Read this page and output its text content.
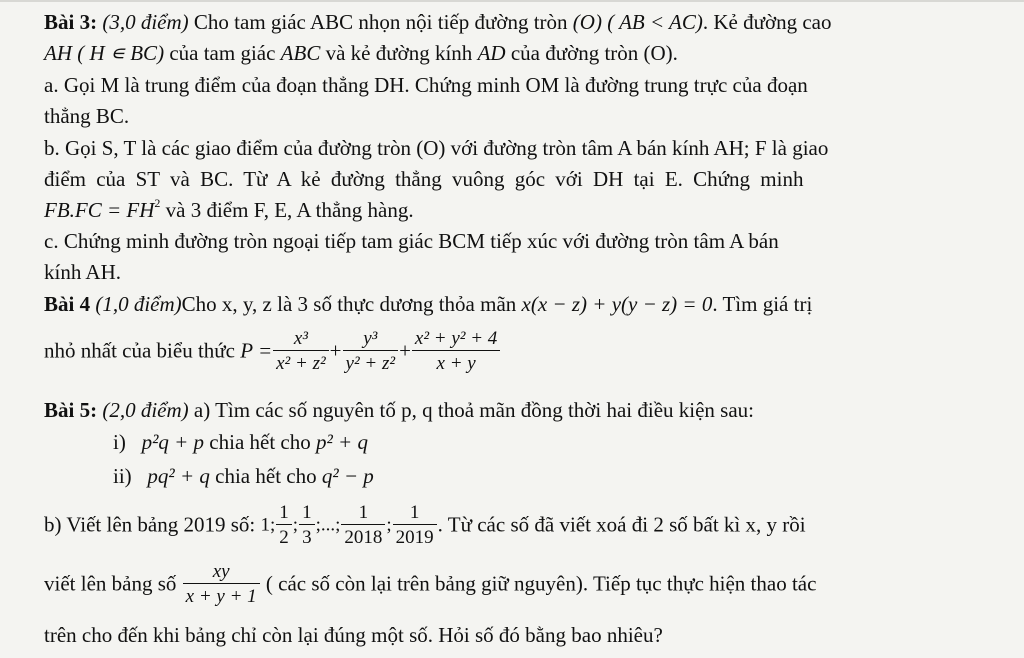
Bài 3: (3,0 điểm) Cho tam giác ABC nhọn nội tiếp đường tròn (O) ( AB < AC). Kẻ đường cao
AH ( H ∊ BC) của tam giác ABC và kẻ đường kính AD của đường tròn (O).
a. Gọi M là trung điểm của đoạn thẳng DH. Chứng minh OM là đường trung trực của đoạn
thẳng BC.
b. Gọi S, T là các giao điểm của đường tròn (O) với đường tròn tâm A bán kính AH; F là giao
điểm của ST và BC. Từ A kẻ đường thẳng vuông góc với DH tại E. Chứng minh
$FB.FC = FH^2$ và 3 điểm F, E, A thẳng hàng.
c. Chứng minh đường tròn ngoại tiếp tam giác BCM tiếp xúc với đường tròn tâm A bán
kính AH.
Bài 4 (1,0 điểm)Cho x, y, z là 3 số thực dương thỏa mãn x(x − z) + y(y − z) = 0. Tìm giá trị
nhỏ nhất của biểu thức $P = \frac{\text{x³}}{\text{x² + z²}} + \frac{\text{y³}}{\text{y² + z²}} + \frac{\text{x² + y² + 4}}{x + y}$
Bài 5: (2,0 điểm) a) Tìm các số nguyên tố p, q thoả mãn đồng thời hai điều kiện sau:
i) p²q + p chia hết cho p² + q
ii) pq² + q chia hết cho q² − p
b) Viết lên bảng 2019 số: 1; $\frac{1}{2}$ ; $\frac{1}{3}$ ;...; $\frac{1}{2018}$ ; $\frac{1}{2019}$ . Từ các số đã viết xoá đi 2 số bất kì x, y rồi
viết lên bảng số $\frac{xy}{x + y + 1}$ ( các số còn lại trên bảng giữ nguyên). Tiếp tục thực hiện thao tác
trên cho đến khi bảng chỉ còn lại đúng một số. Hỏi số đó bằng bao nhiêu?
